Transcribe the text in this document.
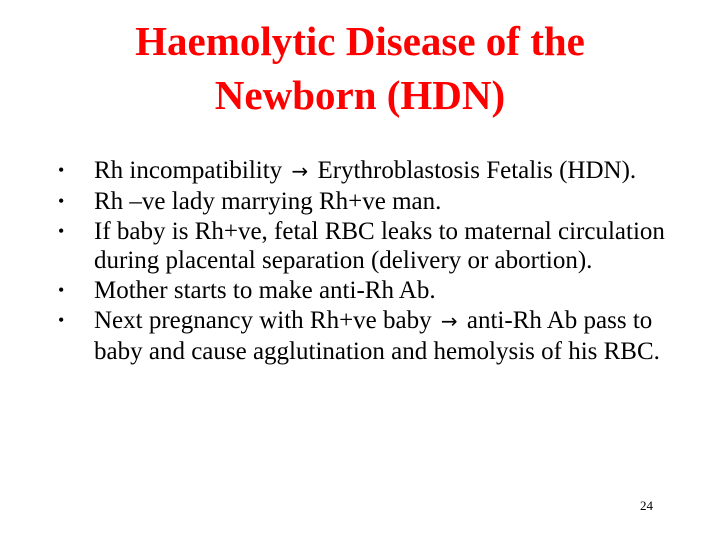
Haemolytic Disease of the
Newborn (HDN)
• Rh incompatibility → Erythroblastosis Fetalis (HDN).
• Rh –ve lady marrying Rh+ve man.
• If baby is Rh+ve, fetal RBC leaks to maternal circulation during placental separation (delivery or abortion).
• Mother starts to make anti-Rh Ab.
• Next pregnancy with Rh+ve baby → anti-Rh Ab pass to baby and cause agglutination and hemolysis of his RBC.
24
